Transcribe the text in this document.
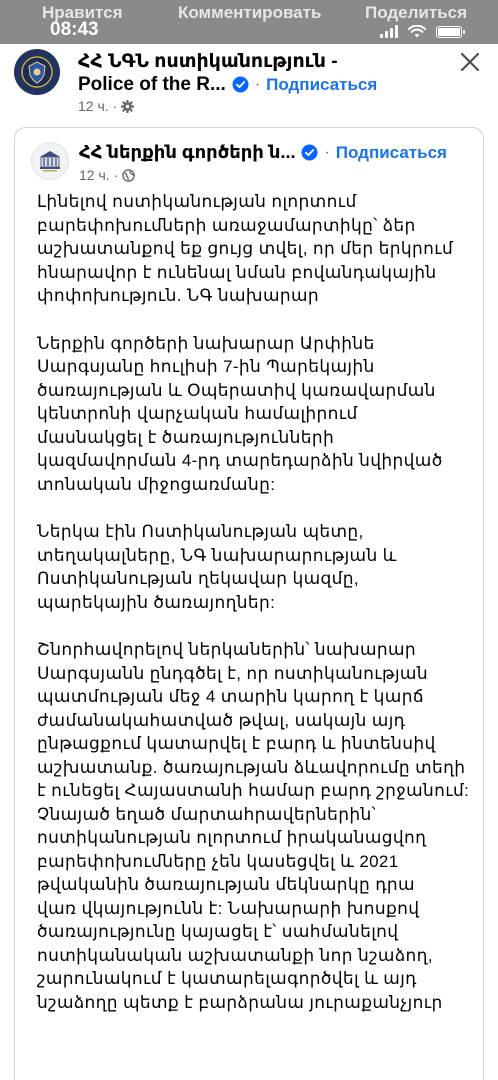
Нравится	Комментировать	Поделиться
08:43
ՀՀ ՆԳՆ ոստիկանություն -
Police of the R... · Подписаться
12 ч. ·
ՀՀ ներքին գործերի ն... · Подписаться
12 ч. ·
Լինելով ոստիկանության ոլորտում
բարեփոխումների առաջամարտիկը՝ ձեր
աշխատանքով եք ցույց տվել, որ մեր երկրում
հնարավոր է ունենալ նման բովանդակային
փոփոխություն. ՆԳ նախարար
Ներքին գործերի նախարար Արփինե
Սարգսյանը հուլիսի 7-ին Պարեկային
ծառայության և Օպերատիվ կառավարման
կենտրոնի վարչական համալիրում
մասնակցել է ծառայությունների
կազմավորման 4-րդ տարեդարձին նվիրված
տոնական միջոցառմանը:
Ներկա էին Ոստիկանության պետը,
տեղակալները, ՆԳ նախարարության և
Ոստիկանության ղեկավար կազմը,
պարեկային ծառայողներ:
Շնորհավորելով ներկաներին՝ նախարար
Սարգսյանն ընդգծել է, որ ոստիկանության
պատմության մեջ 4 տարին կարող է կարճ
ժամանակահատված թվալ, սակայն այդ
ընթացքում կատարվել է բարդ և ինտենսիվ
աշխատանք. ծառայության ձևավորումը տեղի
է ունեցել Հայաստանի համար բարդ շրջանում:
Չնայած եղած մարտահրավերներին՝
ոստիկանության ոլորտում իրականացվող
բարեփոխումները չեն կասեցվել և 2021
թվականին ծառայության մեկնարկը դրա
վառ վկայությունն է: Նախարարի խոսքով
ծառայությունը կայացել է՝ սահմանելով
ոստիկանական աշխատանքի նոր նշաձող,
շարունակում է կատարելագործվել և այդ
նշաձողը պետք է բարձրանա յուրաքանչյուր
